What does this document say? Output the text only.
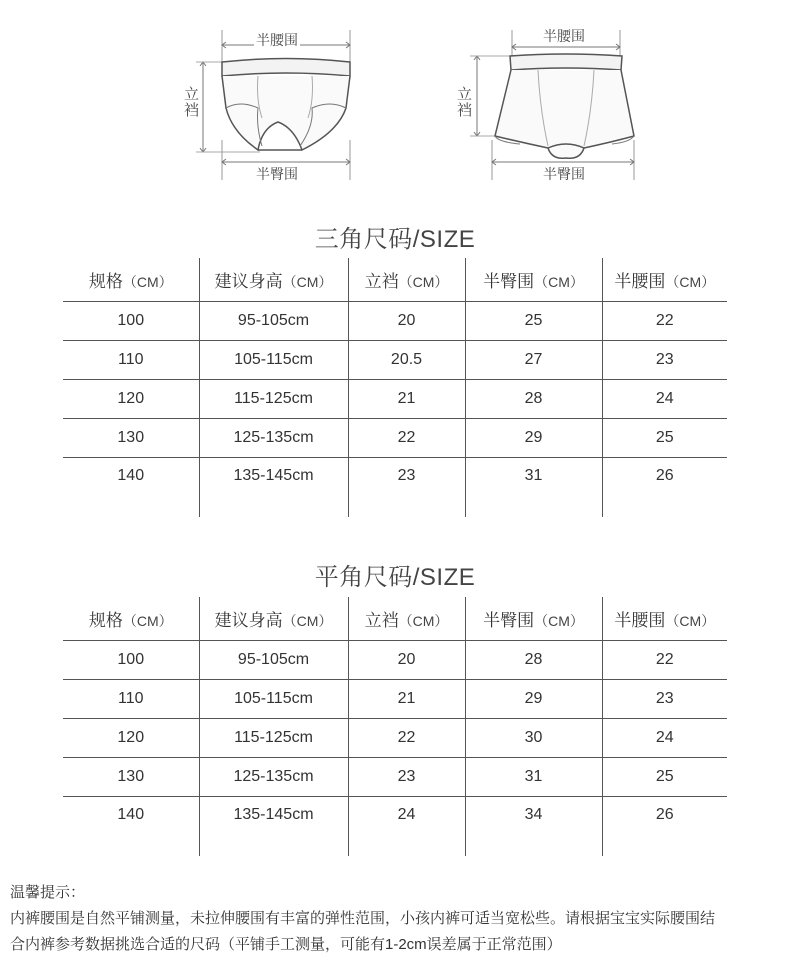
半腰围
立裆
半臀围
半腰围
立裆
半臀围
三角尺码/SIZE
规格（CM）	建议身高（CM）	立裆（CM）	半臀围（CM）	半腰围（CM）
100	95-105cm	20	25	22
110	105-115cm	20.5	27	23
120	115-125cm	21	28	24
130	125-135cm	22	29	25
140	135-145cm	23	31	26
平角尺码/SIZE
规格（CM）	建议身高（CM）	立裆（CM）	半臀围（CM）	半腰围（CM）
100	95-105cm	20	28	22
110	105-115cm	21	29	23
120	115-125cm	22	30	24
130	125-135cm	23	31	25
140	135-145cm	24	34	26
温馨提示：
内裤腰围是自然平铺测量，未拉伸腰围有丰富的弹性范围，小孩内裤可适当宽松些。请根据宝宝实际腰围结
合内裤参考数据挑选合适的尺码（平铺手工测量，可能有1-2cm误差属于正常范围）
